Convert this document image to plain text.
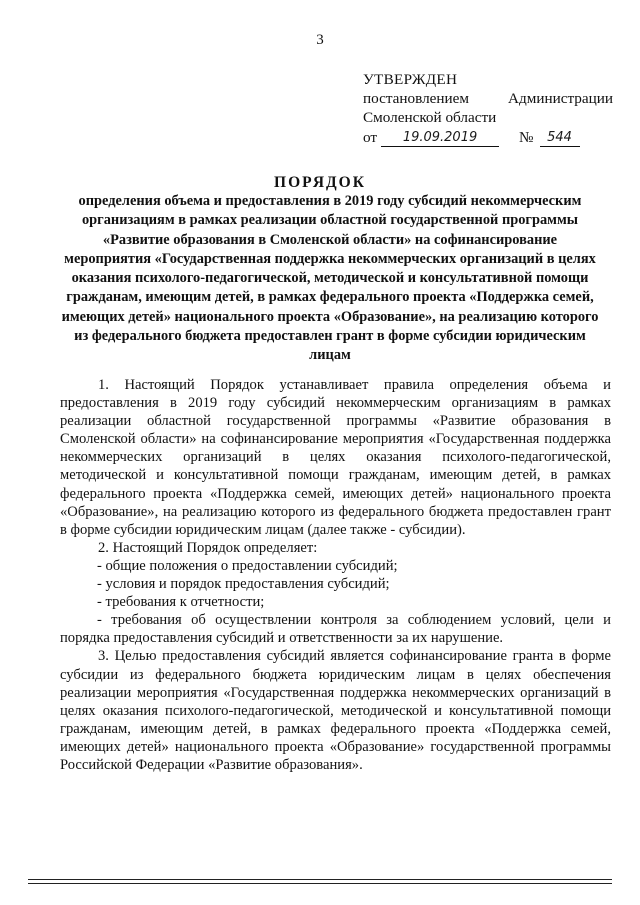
3
УТВЕРЖДЕН
постановлением	Администрации
Смоленской области
от	19.09.2019	№	544
ПОРЯДОК
определения объема и предоставления в 2019 году субсидий некоммерческим организациям в рамках реализации областной государственной программы «Развитие образования в Смоленской области» на софинансирование мероприятия «Государственная поддержка некоммерческих организаций в целях оказания психолого-педагогической, методической и консультативной помощи гражданам, имеющим детей, в рамках федерального проекта «Поддержка семей, имеющих детей» национального проекта «Образование», на реализацию которого из федерального бюджета предоставлен грант в форме субсидии юридическим лицам

1. Настоящий Порядок устанавливает правила определения объема и предоставления в 2019 году субсидий некоммерческим организациям в рамках реализации областной государственной программы «Развитие образования в Смоленской области» на софинансирование мероприятия «Государственная поддержка некоммерческих организаций в целях оказания психолого-педагогической, методической и консультативной помощи гражданам, имеющим детей, в рамках федерального проекта «Поддержка семей, имеющих детей» национального проекта «Образование», на реализацию которого из федерального бюджета предоставлен грант в форме субсидии юридическим лицам (далее также - субсидии).

2. Настоящий Порядок определяет:

- общие положения о предоставлении субсидий;

- условия и порядок предоставления субсидий;

- требования к отчетности;

- требования об осуществлении контроля за соблюдением условий, цели и порядка предоставления субсидий и ответственности за их нарушение.

3. Целью предоставления субсидий является софинансирование гранта в форме субсидии из федерального бюджета юридическим лицам в целях обеспечения реализации мероприятия «Государственная поддержка некоммерческих организаций в целях оказания психолого-педагогической, методической и консультативной помощи гражданам, имеющим детей, в рамках федерального проекта «Поддержка семей, имеющих детей» национального проекта «Образование» государственной программы Российской Федерации «Развитие образования».
